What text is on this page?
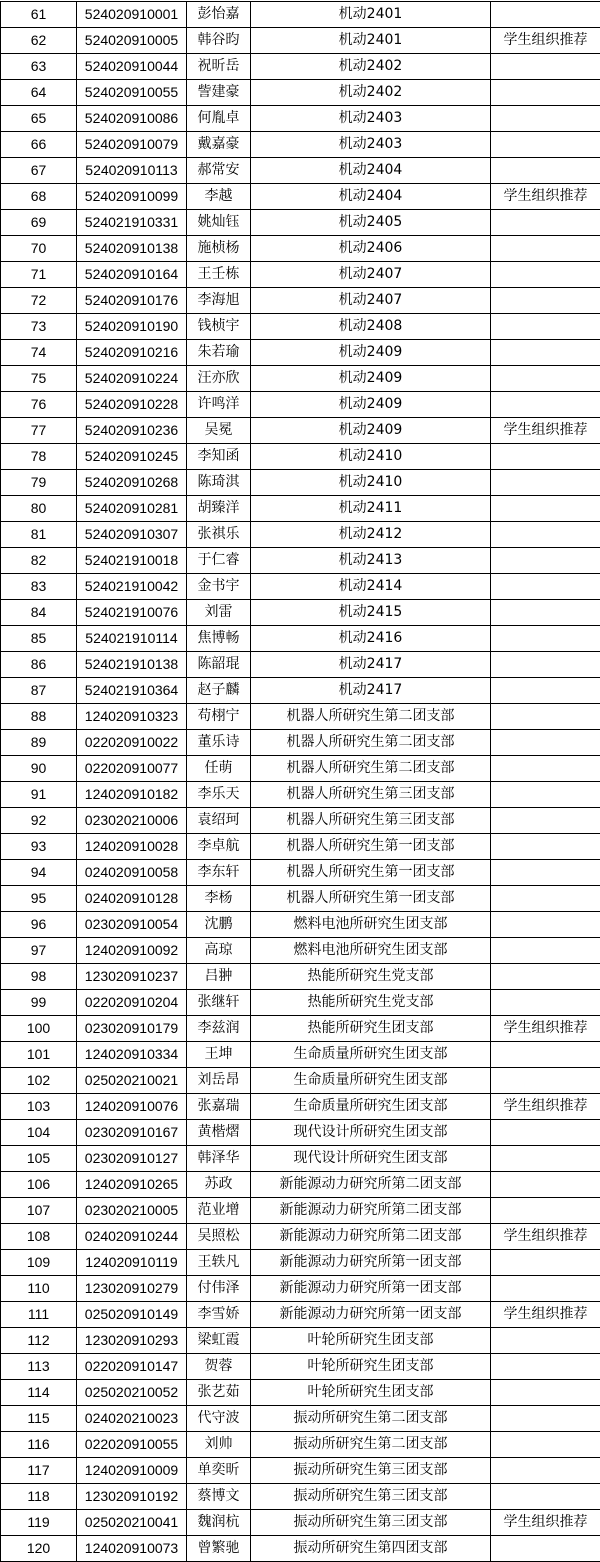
61	524020910001	彭怡嘉	机动2401	
62	524020910005	韩谷昀	机动2401	学生组织推荐
63	524020910044	祝昕岳	机动2402	
64	524020910055	訾建豪	机动2402	
65	524020910086	何胤卓	机动2403	
66	524020910079	戴嘉豪	机动2403	
67	524020910113	郝常安	机动2404	
68	524020910099	李越	机动2404	学生组织推荐
69	524021910331	姚灿钰	机动2405	
70	524020910138	施桢杨	机动2406	
71	524020910164	王壬栋	机动2407	
72	524020910176	李海旭	机动2407	
73	524020910190	钱桢宇	机动2408	
74	524020910216	朱若瑜	机动2409	
75	524020910224	汪亦欣	机动2409	
76	524020910228	许鸣洋	机动2409	
77	524020910236	吴冕	机动2409	学生组织推荐
78	524020910245	李知函	机动2410	
79	524020910268	陈琦淇	机动2410	
80	524020910281	胡臻洋	机动2411	
81	524020910307	张祺乐	机动2412	
82	524021910018	于仁睿	机动2413	
83	524021910042	金书宇	机动2414	
84	524021910076	刘雷	机动2415	
85	524021910114	焦博畅	机动2416	
86	524021910138	陈韶琨	机动2417	
87	524021910364	赵子麟	机动2417	
88	124020910323	苟栩宁	机器人所研究生第二团支部	
89	022020910022	董乐诗	机器人所研究生第二团支部	
90	022020910077	任萌	机器人所研究生第二团支部	
91	124020910182	李乐天	机器人所研究生第三团支部	
92	023020210006	袁绍珂	机器人所研究生第三团支部	
93	124020910028	李卓航	机器人所研究生第一团支部	
94	024020910058	李东轩	机器人所研究生第一团支部	
95	024020910128	李杨	机器人所研究生第一团支部	
96	023020910054	沈鹏	燃料电池所研究生团支部	
97	124020910092	高琼	燃料电池所研究生团支部	
98	123020910237	吕翀	热能所研究生党支部	
99	022020910204	张继轩	热能所研究生党支部	
100	023020910179	李兹润	热能所研究生团支部	学生组织推荐
101	124020910334	王坤	生命质量所研究生团支部	
102	025020210021	刘岳昂	生命质量所研究生团支部	
103	124020910076	张嘉瑞	生命质量所研究生团支部	学生组织推荐
104	023020910167	黄楷熠	现代设计所研究生团支部	
105	023020910127	韩泽华	现代设计所研究生团支部	
106	124020910265	苏政	新能源动力研究所第二团支部	
107	023020210005	范业增	新能源动力研究所第二团支部	
108	024020910244	吴照松	新能源动力研究所第二团支部	学生组织推荐
109	124020910119	王轶凡	新能源动力研究所第一团支部	
110	123020910279	付伟泽	新能源动力研究所第一团支部	
111	025020910149	李雪娇	新能源动力研究所第一团支部	学生组织推荐
112	123020910293	梁虹霞	叶轮所研究生团支部	
113	022020910147	贺蓉	叶轮所研究生团支部	
114	025020210052	张艺茹	叶轮所研究生团支部	
115	024020210023	代守波	振动所研究生第二团支部	
116	022020910055	刘帅	振动所研究生第二团支部	
117	124020910009	单奕昕	振动所研究生第三团支部	
118	123020910192	蔡博文	振动所研究生第三团支部	
119	025020210041	魏润杭	振动所研究生第三团支部	学生组织推荐
120	124020910073	曾繁驰	振动所研究生第四团支部	
